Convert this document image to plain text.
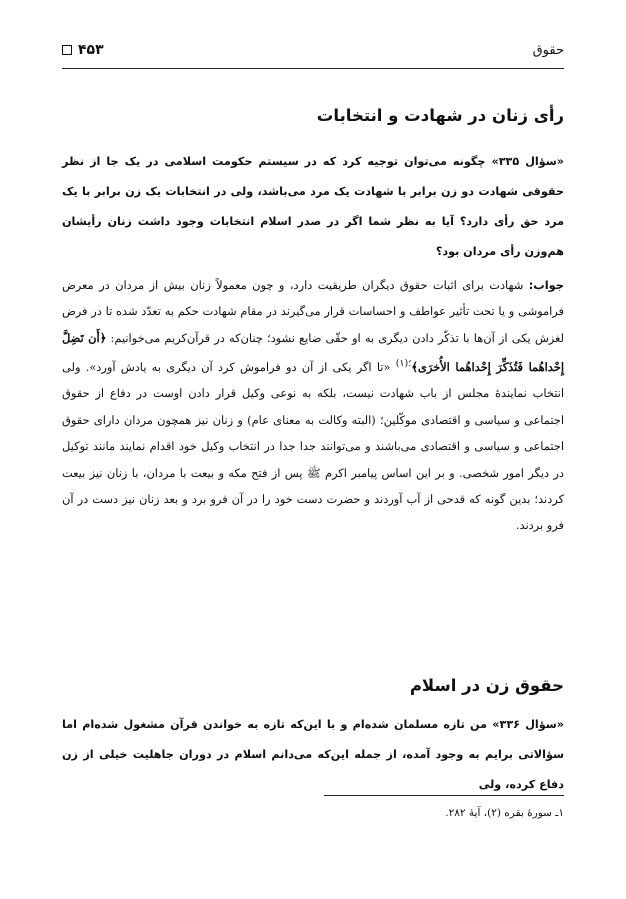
حقوق
۴۵۳
رأی زنان در شهادت و انتخابات

«سؤال ۳۳۵» چگونه می‌توان توجیه کرد که در سیستم حکومت اسلامی در یک جا از نظر حقوقی شهادت دو زن برابر با شهادت یک مرد می‌باشد، ولی در انتخابات یک زن برابر با یک مرد حق رأی دارد؟ آیا به نظر شما اگر در صدر اسلام انتخابات وجود داشت زنان رأیشان هم‌وزن رأی مردان بود؟

جواب: شهادت برای اثبات حقوق دیگران طریقیت دارد، و چون معمولاً زنان بیش از مردان در معرض فراموشی و یا تحت تأثیر عواطف و احساسات قرار می‌گیرند در مقام شهادت حکم به تعدّد شده تا در فرض لغزش یکی از آن‌ها با تذکّر دادن دیگری به او حقّی ضایع نشود؛ چنان‌که در قرآن‌کریم می‌خوانیم: ﴿أَن تَضِلَّ إِحْداهُما فَتُذَكِّرَ إِحْداهُما الأُخرَى﴾$^{؛(۱)}$ «تا اگر یکی از آن دو فراموش کرد آن دیگری به یادش آورد». ولی انتخاب نمایندهٔ مجلس از باب شهادت نیست، بلکه به نوعی وکیل قرار دادن اوست در دفاع از حقوق اجتماعی و سیاسی و اقتصادی موکّلین؛ (البته وکالت به معنای عام) و زنان نیز همچون مردان دارای حقوق اجتماعی و سیاسی و اقتصادی می‌باشند و می‌توانند جدا جدا در انتخاب وکیل خود اقدام نمایند مانند توکیل در دیگر امور شخصی. و بر این اساس پیامبر اکرم ﷺ پس از فتح مکه و بیعت با مردان، با زنان نیز بیعت کردند؛ بدین گونه که قدحی از آب آوردند و حضرت دست خود را در آن فرو برد و بعد زنان نیز دست در آن فرو بردند.

حقوق زن در اسلام

«سؤال ۳۳۶» من تازه مسلمان شده‌ام و با این‌که تازه به خواندن قرآن مشغول شده‌ام اما سؤالاتی برایم به وجود آمده، از جمله این‌که می‌دانم اسلام در دوران جاهلیت خیلی از زن دفاع کرده، ولی

۱ـ سورهٔ بقره (۲)، آیهٔ ۲۸۲.
